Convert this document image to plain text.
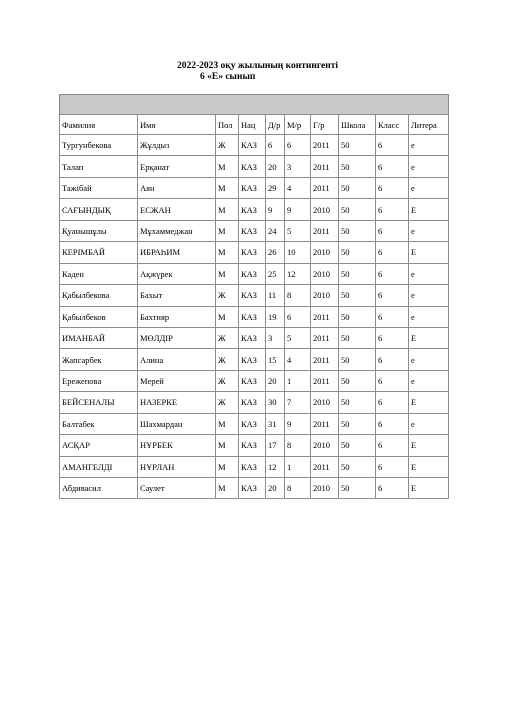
2022-2023 оқу жылының контингенті
6 «Е» сынып

Фамилия	Имя	Пол	Нац	Д/р	М/р	Г/р	Школа	Класс	Литера
Тургунбекова	Жұлдыз	Ж	КАЗ	6	6	2011	50	6	е
Талап	Ерқанат	М	КАЗ	20	3	2011	50	6	е
Тажібай	Аян	М	КАЗ	29	4	2011	50	6	е
САҒЫНДЫҚ	ЕСЖАН	М	КАЗ	9	9	2010	50	6	Е
Қуанышұлы	Мұхаммеджан	М	КАЗ	24	5	2011	50	6	е
КЕРІМБАЙ	ИБРАҺИМ	М	КАЗ	26	10	2010	50	6	Е
Каден	Ақжүрек	М	КАЗ	25	12	2010	50	6	е
Қабылбекова	Бахыт	Ж	КАЗ	11	8	2010	50	6	е
Қабылбеков	Бахтияр	М	КАЗ	19	6	2011	50	6	е
ИМАНБАЙ	МӨЛДІР	Ж	КАЗ	3	5	2011	50	6	Е
Жапсарбек	Алина	Ж	КАЗ	15	4	2011	50	6	е
Ережепова	Мерей	Ж	КАЗ	20	1	2011	50	6	е
БЕЙСЕНАЛЫ	НАЗЕРКЕ	Ж	КАЗ	30	7	2010	50	6	Е
Балтабек	Шахмардан	М	КАЗ	31	9	2011	50	6	е
АСҚАР	НҰРБЕК	М	КАЗ	17	8	2010	50	6	Е
АМАНГЕЛДІ	НҰРЛАН	М	КАЗ	12	1	2011	50	6	Е
Абдивасил	Саулет	М	КАЗ	20	8	2010	50	6	Е
